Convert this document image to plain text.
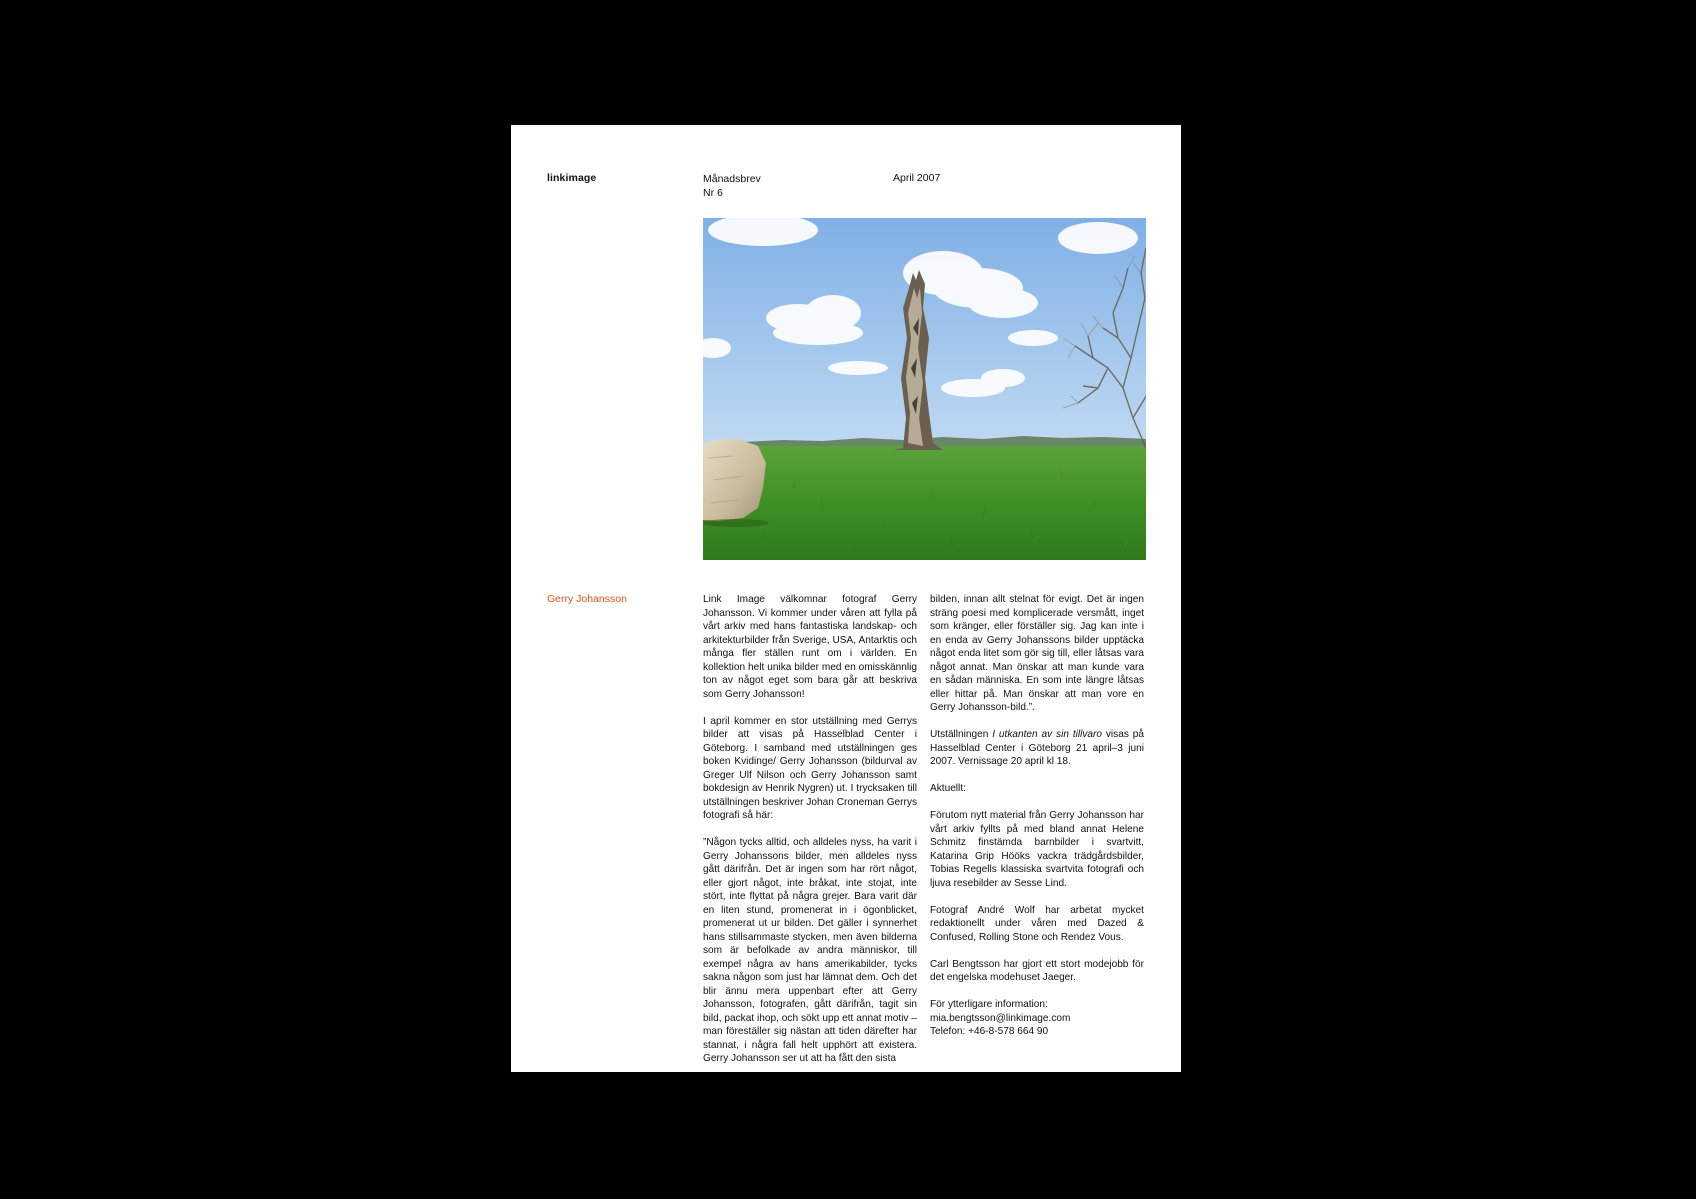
linkimage	Månadsbrev
Nr 6
April 2007
Gerry Johansson	Link Image välkomnar fotograf Gerry Johansson. Vi kommer under våren att fylla på vårt arkiv med hans fantastiska landskap- och arkitekturbilder från Sverige, USA, Antarktis och många fler ställen runt om i världen. En kollektion helt unika bilder med en omisskännlig ton av något eget som bara går att beskriva som Gerry Johansson!

I april kommer en stor utställning med Gerrys bilder att visas på Hasselblad Center i Göteborg. I samband med utställningen ges boken Kvidinge/ Gerry Johansson (bildurval av Greger Ulf Nilson och Gerry Johansson samt bokdesign av Henrik Nygren) ut. I trycksaken till utställningen beskriver Johan Croneman Gerrys fotografi så här:

”Någon tycks alltid, och alldeles nyss, ha varit i Gerry Johanssons bilder, men alldeles nyss gått därifrån. Det är ingen som har rört något, eller gjort något, inte bråkat, inte stojat, inte stört, inte flyttat på några grejer. Bara varit där en liten stund, promenerat in i ögonblicket, promenerat ut ur bilden. Det gäller i synnerhet hans stillsammaste stycken, men även bilderna som är befolkade av andra människor, till exempel några av hans amerikabilder, tycks sakna någon som just har lämnat dem. Och det blir ännu mera uppenbart efter att Gerry Johansson, fotografen, gått därifrån, tagit sin bild, packat ihop, och sökt upp ett annat motiv – man föreställer sig nästan att tiden därefter har stannat, i några fall helt upphört att existera. Gerry Johansson ser ut att ha fått den sista

bilden, innan allt stelnat för evigt. Det är ingen sträng poesi med komplicerade versmått, inget som kränger, eller förställer sig. Jag kan inte i en enda av Gerry Johanssons bilder upptäcka något enda litet som gör sig till, eller låtsas vara något annat. Man önskar att man kunde vara en sådan människa. En som inte längre låtsas eller hittar på. Man önskar att man vore en Gerry Johansson-bild.”.

Utställningen I utkanten av sin tillvaro visas på Hasselblad Center i Göteborg 21 april–3 juni 2007. Vernissage 20 april kl 18.

Aktuellt:

Förutom nytt material från Gerry Johansson har vårt arkiv fyllts på med bland annat Helene Schmitz finstämda barnbilder i svartvitt, Katarina Grip Hööks vackra trädgårdsbilder, Tobias Regells klassiska svartvita fotografi och ljuva resebilder av Sesse Lind.

Fotograf André Wolf har arbetat mycket redaktionellt under våren med Dazed & Confused, Rolling Stone och Rendez Vous.

Carl Bengtsson har gjort ett stort modejobb för det engelska modehuset Jaeger.

För ytterligare information:
mia.bengtsson@linkimage.com
Telefon: +46-8-578 664 90
